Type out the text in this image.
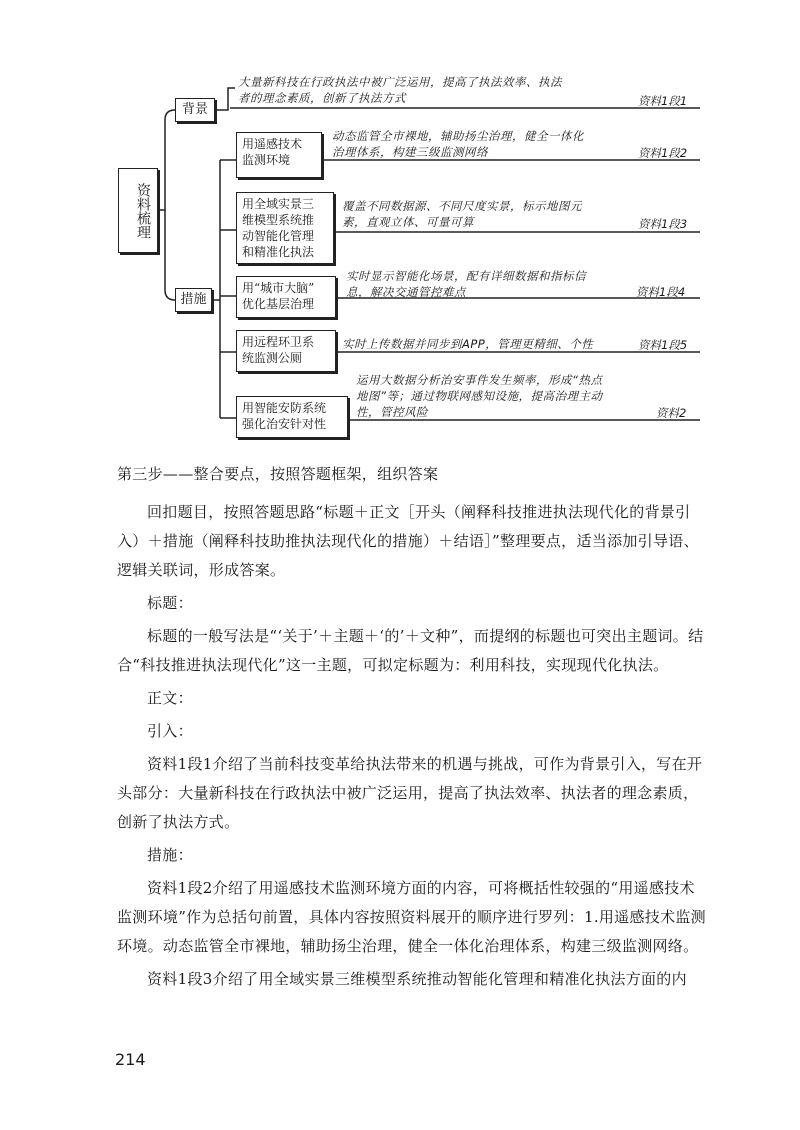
资料梳理
背景
大量新科技在行政执法中被广泛运用，提高了执法效率、执法
者的理念素质，创新了执法方式	资料1段1
措施
用遥感技术
监测环境
动态监管全市裸地，辅助扬尘治理，健全一体化
治理体系，构建三级监测网络	资料1段2
用全域实景三
维模型系统推
动智能化管理
和精准化执法
覆盖不同数据源、不同尺度实景，标示地图元
素，直观立体、可量可算	资料1段3
用“城市大脑”
优化基层治理
实时显示智能化场景，配有详细数据和指标信
息，解决交通管控难点	资料1段4
用远程环卫系
统监测公厕
实时上传数据并同步到APP，管理更精细、个性	资料1段5
用智能安防系统
强化治安针对性
运用大数据分析治安事件发生频率，形成“热点
地图”等；通过物联网感知设施，提高治理主动
性，管控风险	资料2

第三步——整合要点，按照答题框架，组织答案

回扣题目，按照答题思路“标题＋正文［开头（阐释科技推进执法现代化的背景引入）＋措施（阐释科技助推执法现代化的措施）＋结语］”整理要点，适当添加引导语、逻辑关联词，形成答案。

标题：

标题的一般写法是“‘关于’＋主题＋‘的’＋文种”，而提纲的标题也可突出主题词。结合“科技推进执法现代化”这一主题，可拟定标题为：利用科技，实现现代化执法。

正文：

引入：

资料1段1介绍了当前科技变革给执法带来的机遇与挑战，可作为背景引入，写在开头部分：大量新科技在行政执法中被广泛运用，提高了执法效率、执法者的理念素质，创新了执法方式。

措施：

资料1段2介绍了用遥感技术监测环境方面的内容，可将概括性较强的“用遥感技术监测环境”作为总括句前置，具体内容按照资料展开的顺序进行罗列：1.用遥感技术监测环境。动态监管全市裸地，辅助扬尘治理，健全一体化治理体系，构建三级监测网络。

资料1段3介绍了用全域实景三维模型系统推动智能化管理和精准化执法方面的内

214
